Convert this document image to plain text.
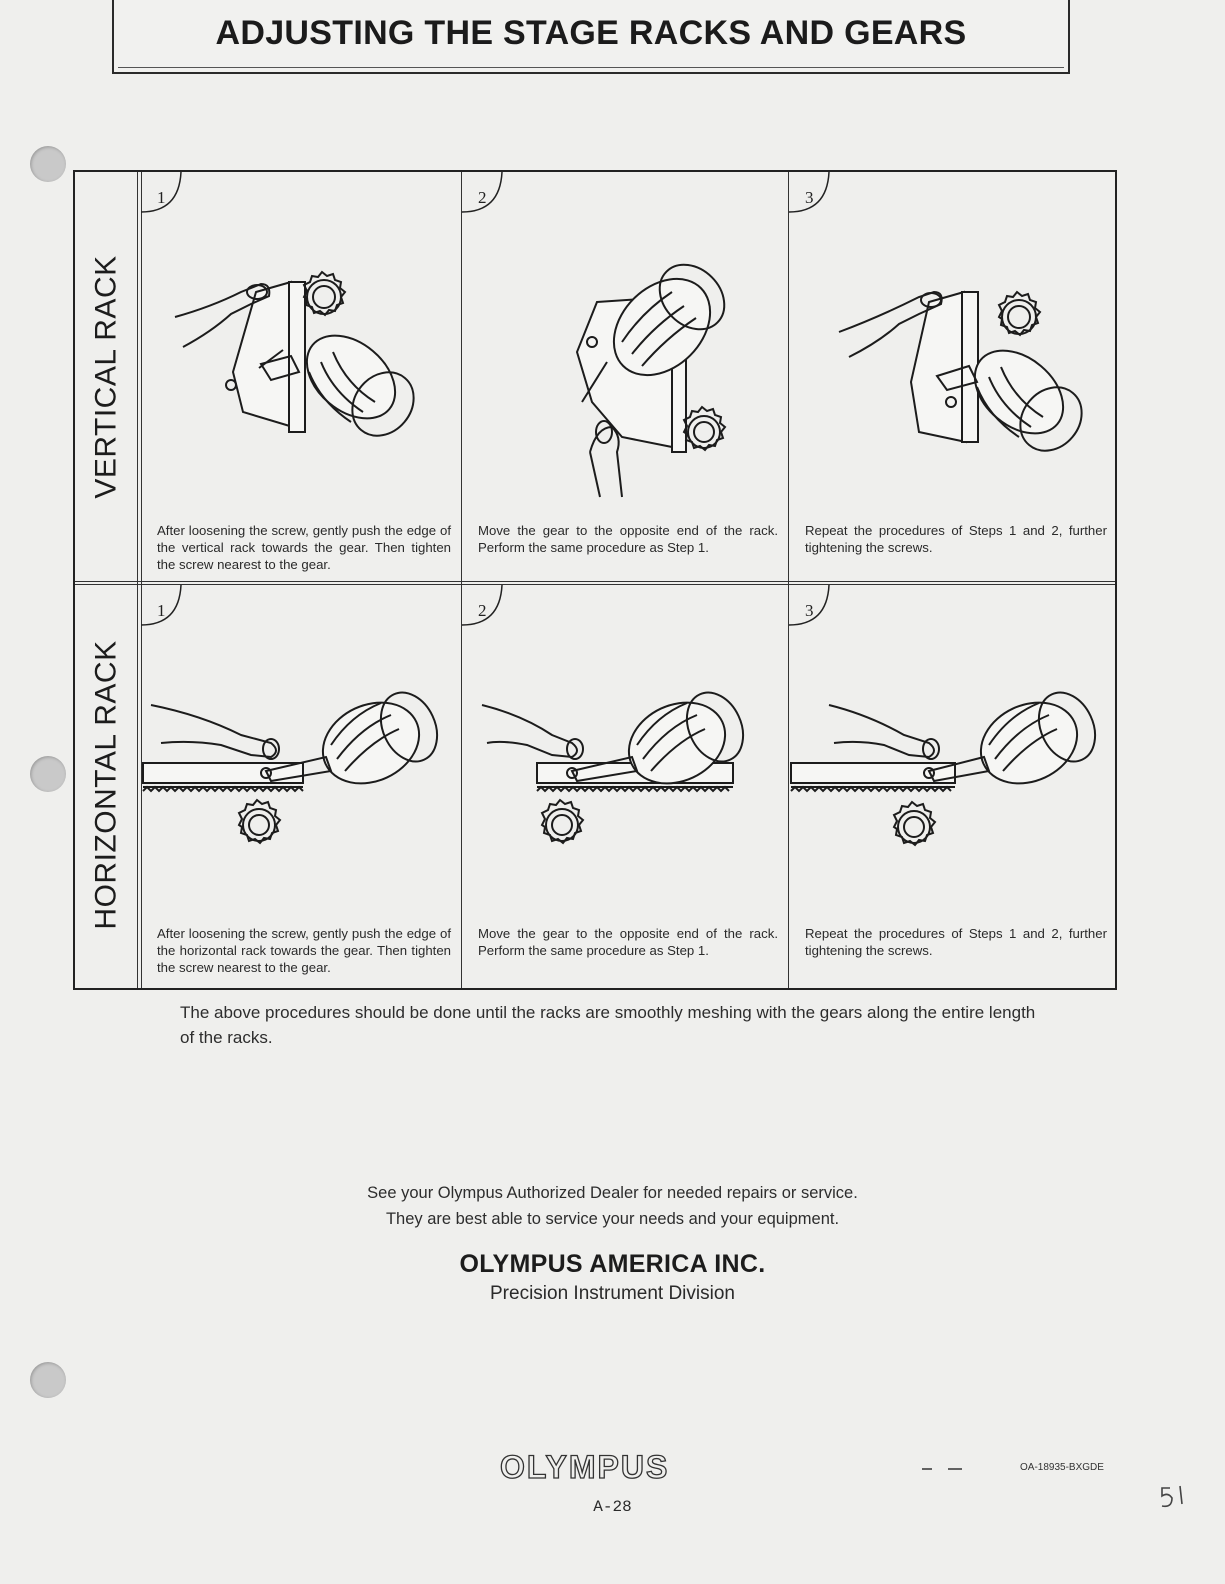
ADJUSTING THE STAGE RACKS AND GEARS
VERTICAL RACK
HORIZONTAL RACK
1
After loosening the screw, gently push the edge of the vertical rack towards the gear. Then tighten the screw nearest to the gear.
2
Move the gear to the opposite end of the rack. Perform the same procedure as Step 1.
3
Repeat the procedures of Steps 1 and 2, further tightening the screws.
1
After loosening the screw, gently push the edge of the horizontal rack towards the gear. Then tighten the screw nearest to the gear.
2
Move the gear to the opposite end of the rack. Perform the same procedure as Step 1.
3
Repeat the procedures of Steps 1 and 2, further tightening the screws.
The above procedures should be done until the racks are smoothly meshing with the gears along the entire length of the racks.
See your Olympus Authorized Dealer for needed repairs or service.
They are best able to service your needs and your equipment.
OLYMPUS AMERICA INC.
Precision Instrument Division
OLYMPUS	OA-18935-BXGDE
A-28
